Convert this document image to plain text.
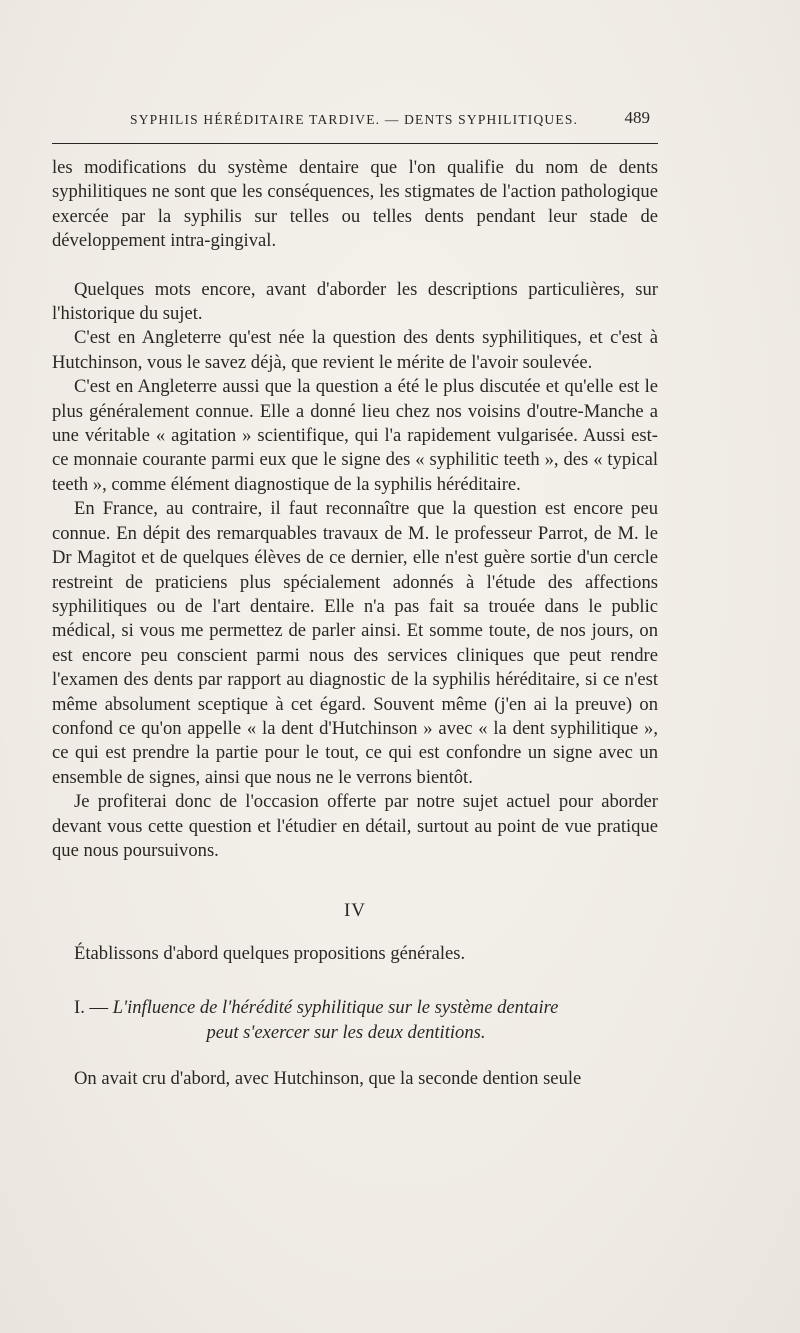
SYPHILIS HÉRÉDITAIRE TARDIVE. — DENTS SYPHILITIQUES.	489

les modifications du système dentaire que l'on qualifie du nom de dents syphilitiques ne sont que les conséquences, les stigmates de l'action pathologique exercée par la syphilis sur telles ou telles dents pendant leur stade de développement intra-gingival.

Quelques mots encore, avant d'aborder les descriptions particulières, sur l'historique du sujet.

C'est en Angleterre qu'est née la question des dents syphilitiques, et c'est à Hutchinson, vous le savez déjà, que revient le mérite de l'avoir soulevée.

C'est en Angleterre aussi que la question a été le plus discutée et qu'elle est le plus généralement connue. Elle a donné lieu chez nos voisins d'outre-Manche a une véritable « agitation » scientifique, qui l'a rapidement vulgarisée. Aussi est-ce monnaie courante parmi eux que le signe des « syphilitic teeth », des « typical teeth », comme élément diagnostique de la syphilis héréditaire.

En France, au contraire, il faut reconnaître que la question est encore peu connue. En dépit des remarquables travaux de M. le professeur Parrot, de M. le Dr Magitot et de quelques élèves de ce dernier, elle n'est guère sortie d'un cercle restreint de praticiens plus spécialement adonnés à l'étude des affections syphilitiques ou de l'art dentaire. Elle n'a pas fait sa trouée dans le public médical, si vous me permettez de parler ainsi. Et somme toute, de nos jours, on est encore peu conscient parmi nous des services cliniques que peut rendre l'examen des dents par rapport au diagnostic de la syphilis héréditaire, si ce n'est même absolument sceptique à cet égard. Souvent même (j'en ai la preuve) on confond ce qu'on appelle « la dent d'Hutchinson » avec « la dent syphilitique », ce qui est prendre la partie pour le tout, ce qui est confondre un signe avec un ensemble de signes, ainsi que nous ne le verrons bientôt.

Je profiterai donc de l'occasion offerte par notre sujet actuel pour aborder devant vous cette question et l'étudier en détail, surtout au point de vue pratique que nous poursuivons.

IV

Établissons d'abord quelques propositions générales.

I. — L'influence de l'hérédité syphilitique sur le système dentaire
peut s'exercer sur les deux dentitions.

On avait cru d'abord, avec Hutchinson, que la seconde dention seule
